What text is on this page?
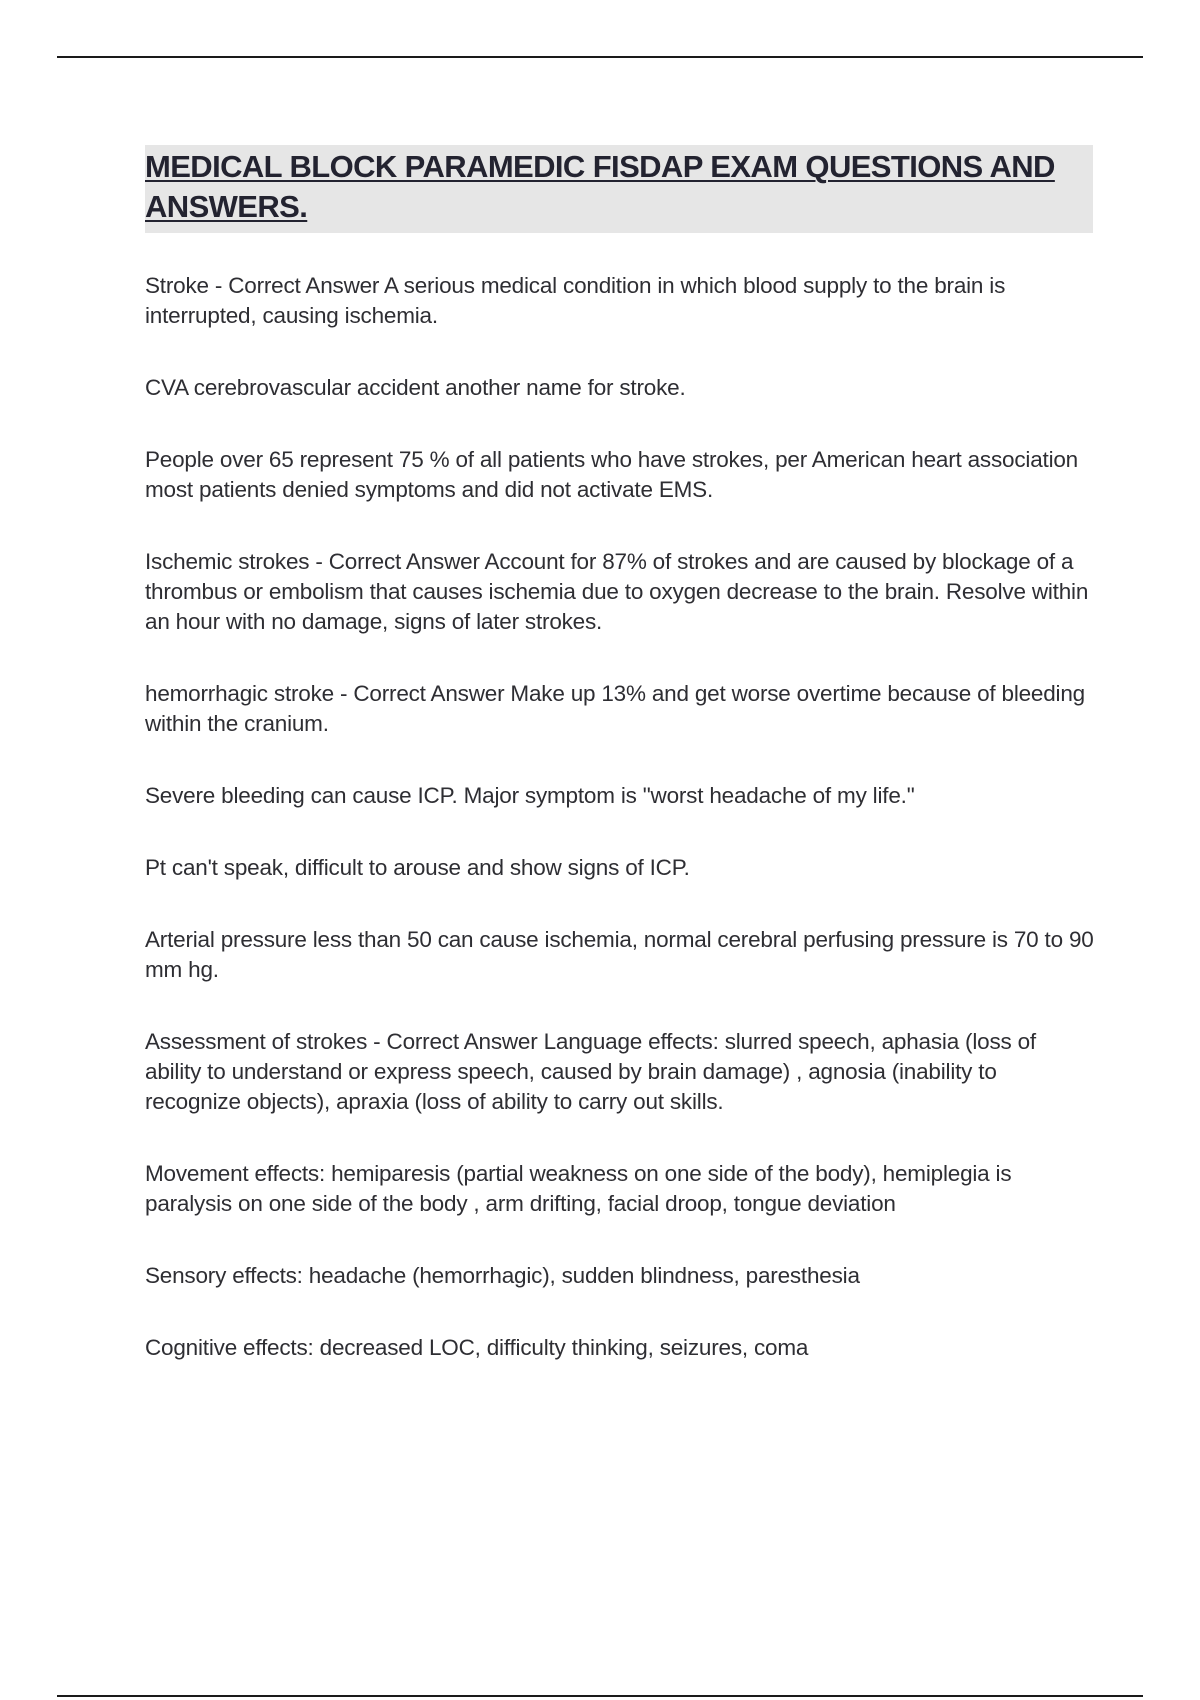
MEDICAL BLOCK PARAMEDIC FISDAP EXAM QUESTIONS AND ANSWERS.

Stroke - Correct Answer A serious medical condition in which blood supply to the brain is interrupted, causing ischemia.

CVA cerebrovascular accident another name for stroke.

People over 65 represent 75 % of all patients who have strokes, per American heart association most patients denied symptoms and did not activate EMS.

Ischemic strokes - Correct Answer Account for 87% of strokes and are caused by blockage of a thrombus or embolism that causes ischemia due to oxygen decrease to the brain. Resolve within an hour with no damage, signs of later strokes.

hemorrhagic stroke - Correct Answer Make up 13% and get worse overtime because of bleeding within the cranium.

Severe bleeding can cause ICP. Major symptom is "worst headache of my life."

Pt can't speak, difficult to arouse and show signs of ICP.

Arterial pressure less than 50 can cause ischemia, normal cerebral perfusing pressure is 70 to 90 mm hg.

Assessment of strokes - Correct Answer Language effects: slurred speech, aphasia (loss of ability to understand or express speech, caused by brain damage) , agnosia (inability to recognize objects), apraxia (loss of ability to carry out skills.

Movement effects: hemiparesis (partial weakness on one side of the body), hemiplegia is paralysis on one side of the body , arm drifting, facial droop, tongue deviation

Sensory effects: headache (hemorrhagic), sudden blindness, paresthesia

Cognitive effects: decreased LOC, difficulty thinking, seizures, coma
